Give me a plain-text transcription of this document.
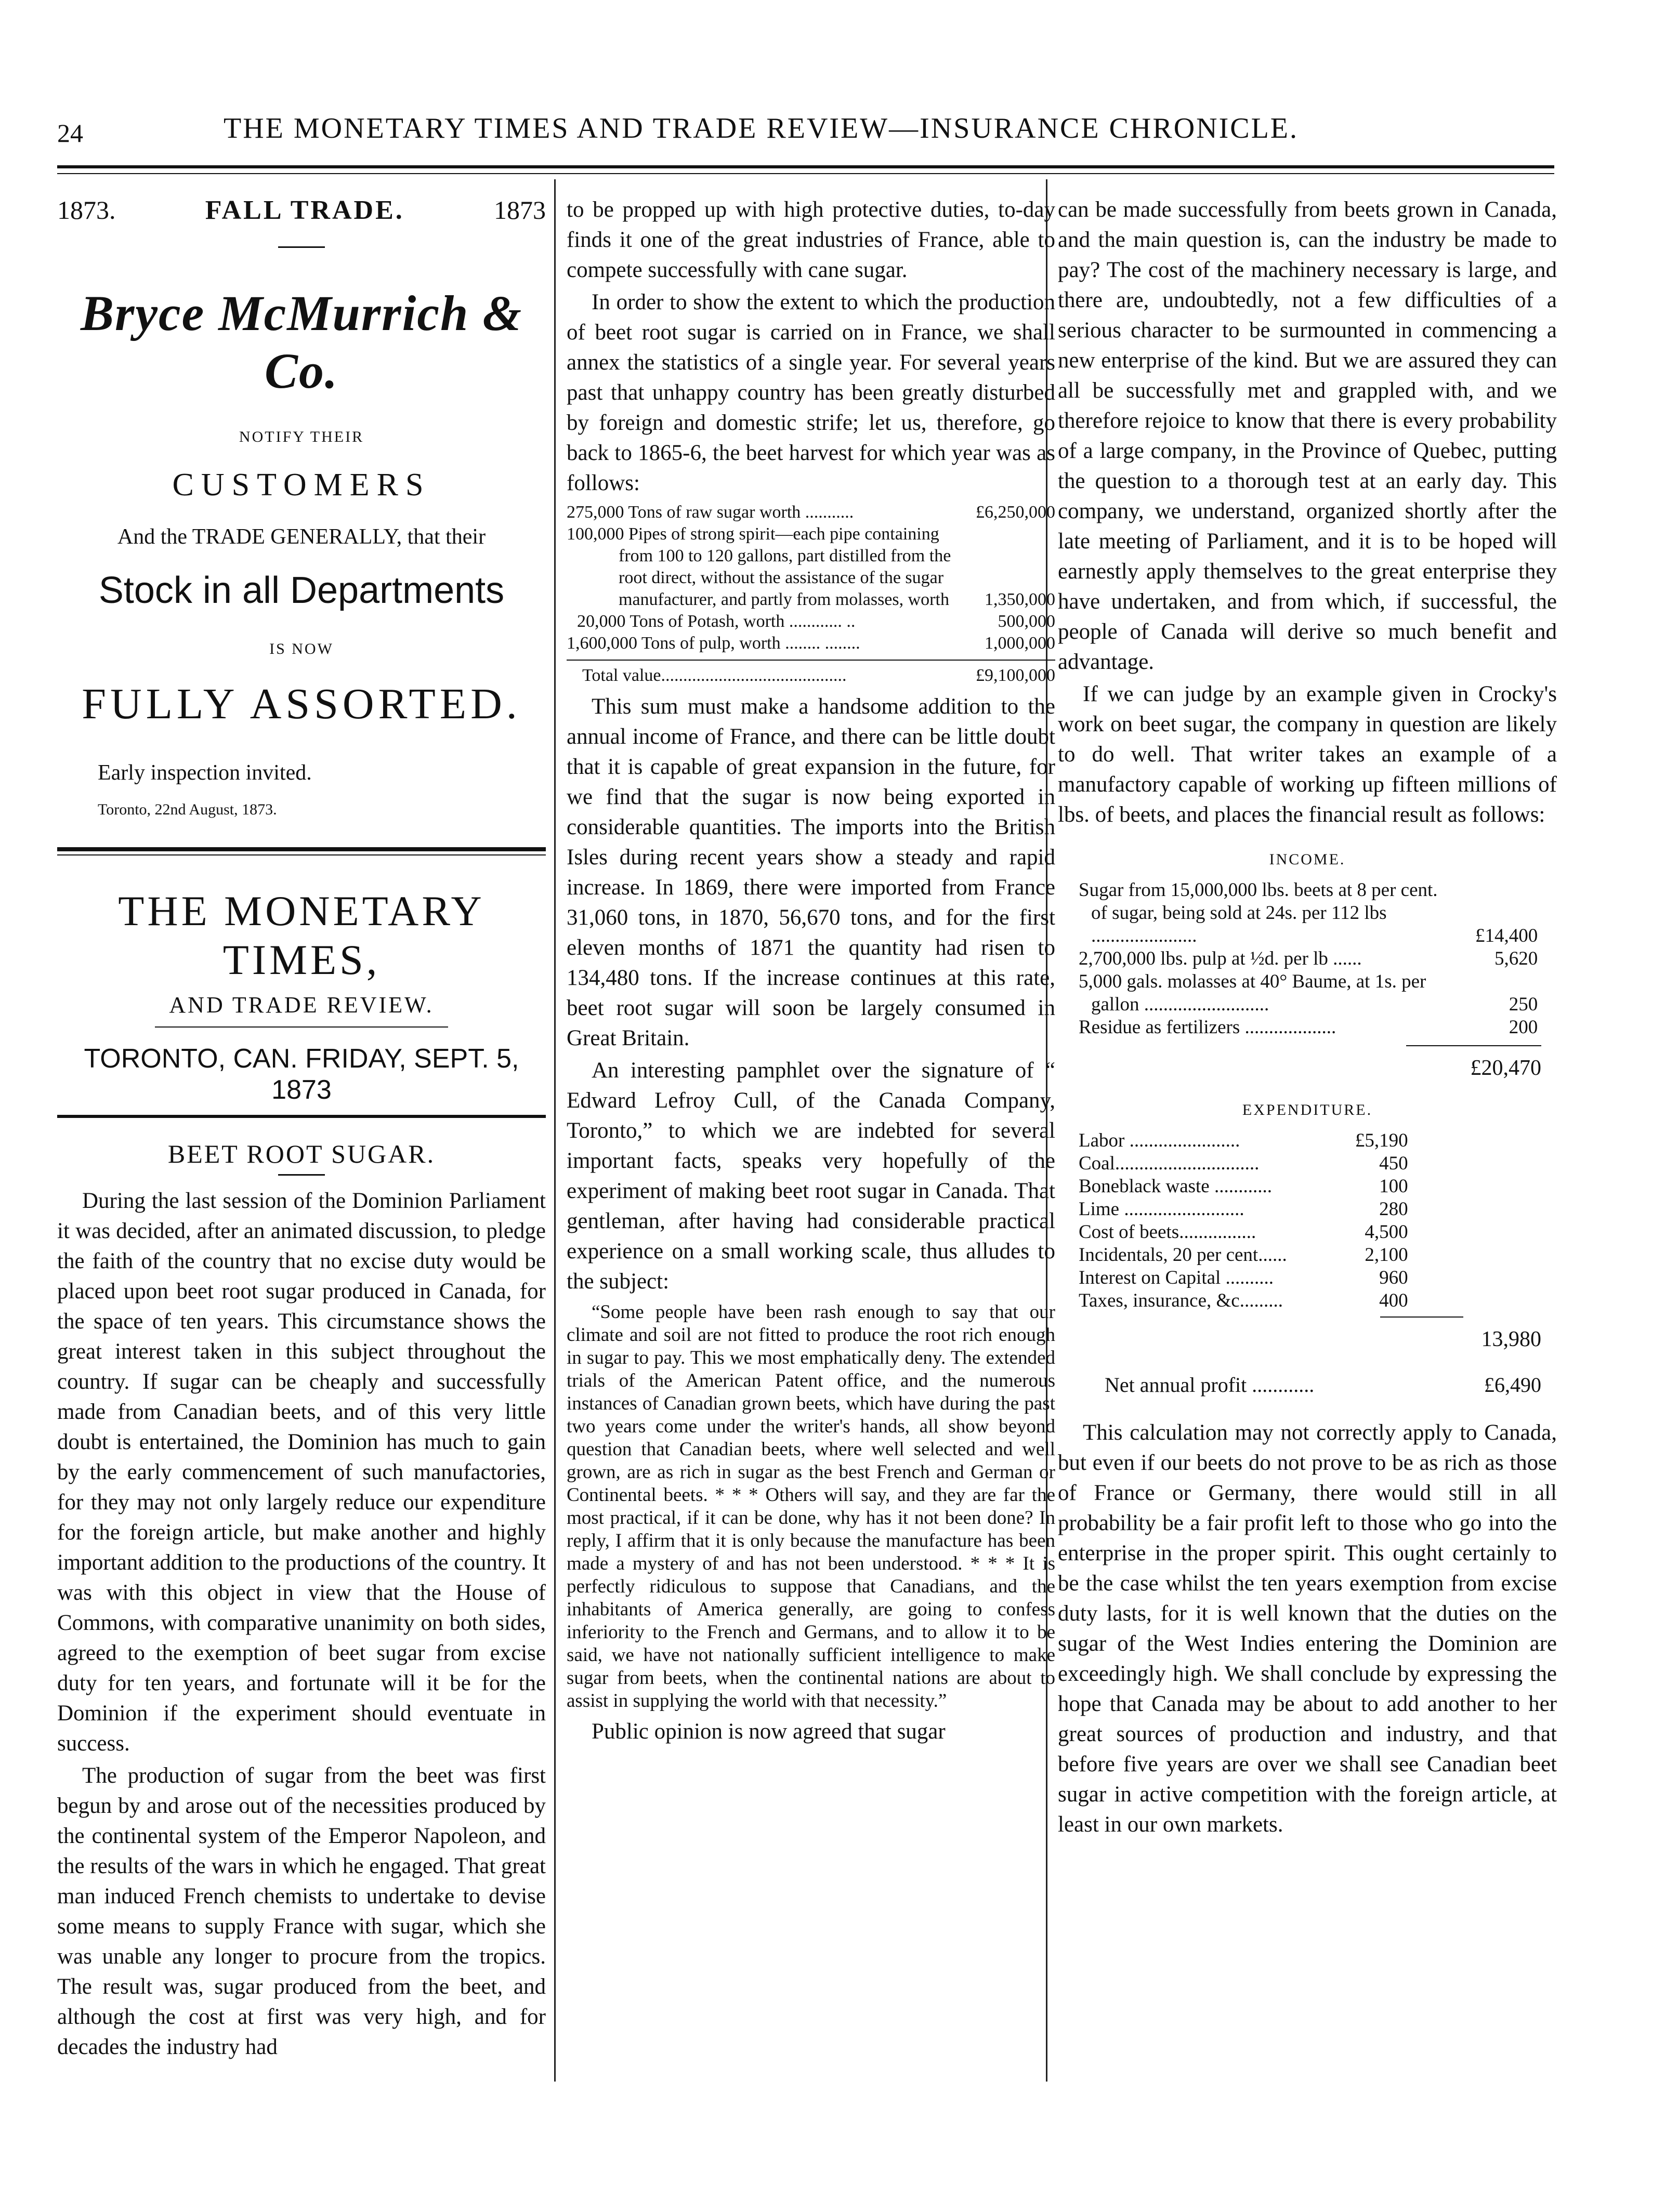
24	THE MONETARY TIMES AND TRADE REVIEW—INSURANCE CHRONICLE.
1873.	FALL TRADE.	1873
Bryce McMurrich & Co.
NOTIFY THEIR
CUSTOMERS
And the TRADE GENERALLY, that their
Stock in all Departments
IS NOW
FULLY ASSORTED.
Early inspection invited.
Toronto, 22nd August, 1873.
THE MONETARY TIMES,
AND TRADE REVIEW.
TORONTO, CAN. FRIDAY, SEPT. 5, 1873
BEET ROOT SUGAR.

During the last session of the Dominion Parliament it was decided, after an animated discussion, to pledge the faith of the country that no excise duty would be placed upon beet root sugar produced in Canada, for the space of ten years. This circumstance shows the great interest taken in this subject throughout the country. If sugar can be cheaply and successfully made from Canadian beets, and of this very little doubt is entertained, the Dominion has much to gain by the early commencement of such manufactories, for they may not only largely reduce our expenditure for the foreign article, but make another and highly important addition to the productions of the country. It was with this object in view that the House of Commons, with comparative unanimity on both sides, agreed to the exemption of beet sugar from excise duty for ten years, and fortunate will it be for the Dominion if the experiment should eventuate in success.

The production of sugar from the beet was first begun by and arose out of the necessities produced by the continental system of the Emperor Napoleon, and the results of the wars in which he engaged. That great man induced French chemists to undertake to devise some means to supply France with sugar, which she was unable any longer to procure from the tropics. The result was, sugar produced from the beet, and although the cost at first was very high, and for decades the industry had

to be propped up with high protective duties, to-day finds it one of the great industries of France, able to compete successfully with cane sugar.

In order to show the extent to which the production of beet root sugar is carried on in France, we shall annex the statistics of a single year. For several years past that unhappy country has been greatly disturbed by foreign and domestic strife; let us, therefore, go back to 1865-6, the beet harvest for which year was as follows:

275,000 Tons of raw sugar worth ...........	£6,250,000
100,000 Pipes of strong spirit—each pipe containing from 100 to 120 gallons, part distilled from the root direct, without the assistance of the sugar manufacturer, and partly from molasses, worth	1,350,000
20,000 Tons of Potash, worth ............ ..	500,000
1,600,000 Tons of pulp, worth ........ ........	1,000,000
Total value..........................................	£9,100,000

This sum must make a handsome addition to the annual income of France, and there can be little doubt that it is capable of great expansion in the future, for we find that the sugar is now being exported in considerable quantities. The imports into the British Isles during recent years show a steady and rapid increase. In 1869, there were imported from France 31,060 tons, in 1870, 56,670 tons, and for the first eleven months of 1871 the quantity had risen to 134,480 tons. If the increase continues at this rate, beet root sugar will soon be largely consumed in Great Britain.

An interesting pamphlet over the signature of “ Edward Lefroy Cull, of the Canada Company, Toronto,” to which we are indebted for several important facts, speaks very hopefully of the experiment of making beet root sugar in Canada. That gentleman, after having had considerable practical experience on a small working scale, thus alludes to the subject:

“Some people have been rash enough to say that our climate and soil are not fitted to produce the root rich enough in sugar to pay. This we most emphatically deny. The extended trials of the American Patent office, and the numerous instances of Canadian grown beets, which have during the past two years come under the writer's hands, all show beyond question that Canadian beets, where well selected and well grown, are as rich in sugar as the best French and German or Continental beets. * * * Others will say, and they are far the most practical, if it can be done, why has it not been done? In reply, I affirm that it is only because the manufacture has been made a mystery of and has not been understood. * * * It is perfectly ridiculous to suppose that Canadians, and the inhabitants of America generally, are going to confess inferiority to the French and Germans, and to allow it to be said, we have not nationally sufficient intelligence to make sugar from beets, when the continental nations are about to assist in supplying the world with that necessity.”

Public opinion is now agreed that sugar

can be made successfully from beets grown in Canada, and the main question is, can the industry be made to pay? The cost of the machinery necessary is large, and there are, undoubtedly, not a few difficulties of a serious character to be surmounted in commencing a new enterprise of the kind. But we are assured they can all be successfully met and grappled with, and we therefore rejoice to know that there is every probability of a large company, in the Province of Quebec, putting the question to a thorough test at an early day. This company, we understand, organized shortly after the late meeting of Parliament, and it is to be hoped will earnestly apply themselves to the great enterprise they have undertaken, and from which, if successful, the people of Canada will derive so much benefit and advantage.

If we can judge by an example given in Crocky's work on beet sugar, the company in question are likely to do well. That writer takes an example of a manufactory capable of working up fifteen millions of lbs. of beets, and places the financial result as follows:

INCOME.
Sugar from 15,000,000 lbs. beets at 8 per cent. of sugar, being sold at 24s. per 112 lbs ......................	£14,400
2,700,000 lbs. pulp at ½d. per lb ......	5,620
5,000 gals. molasses at 40° Baume, at 1s. per gallon ..........................	250
Residue as fertilizers ...................	200
£20,470
EXPENDITURE.
Labor .......................	£5,190
Coal..............................	450
Boneblack waste ............	100
Lime .........................	280
Cost of beets................	4,500
Incidentals, 20 per cent......	2,100
Interest on Capital ..........	960
Taxes, insurance, &c.........	400
13,980
Net annual profit ............	£6,490

This calculation may not correctly apply to Canada, but even if our beets do not prove to be as rich as those of France or Germany, there would still in all probability be a fair profit left to those who go into the enterprise in the proper spirit. This ought certainly to be the case whilst the ten years exemption from excise duty lasts, for it is well known that the duties on the sugar of the West Indies entering the Dominion are exceedingly high. We shall conclude by expressing the hope that Canada may be about to add another to her great sources of production and industry, and that before five years are over we shall see Canadian beet sugar in active competition with the foreign article, at least in our own markets.
